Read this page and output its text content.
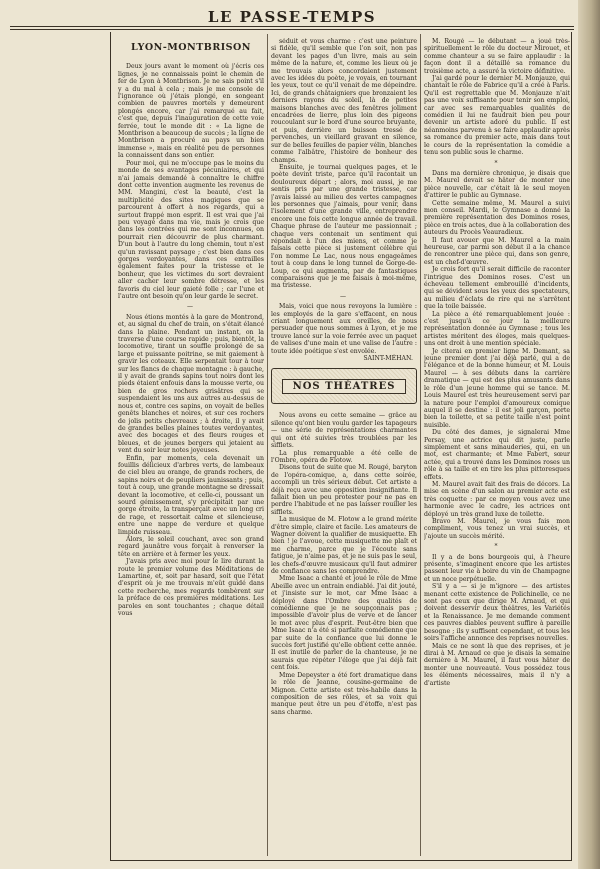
LE PASSE-TEMPS
LYON-MONTBRISON

Deux jours avant le moment où j'écris ces lignes, je ne connaissais point le chemin de fer de Lyon à Montbrison. Je ne sais point s'il y a du mal à cela ; mais je me console de l'ignorance où j'étais plongé, en songeant combien de pauvres mortels y demeurent plongés encore, car j'ai remarqué au fait, c'est que, depuis l'inauguration de cette voie ferrée, tout le monde dit : « La ligne de Montbrison a beaucoup de succès ; la ligne de Montbrison a procuré au pays un bien immense », mais en réalité peu de personnes la connaissent dans son entier.

Pour moi, qui ne m'occupe pas le moins du monde de ses avantages pécuniaires, et qui n'ai jamais demandé à connaître le chiffre dont cette invention augmente les revenus de MM. Mangini, c'est la beauté, c'est la multiplicité des sites magiques que se parcourent à offert à nos regards, qui a surtout frappé mon esprit. Il est vrai que j'ai peu voyagé dans ma vie, mais je crois que dans les contrées qui me sont inconnues, on pourrait rien découvrir de plus charmant. D'un bout à l'autre du long chemin, tout n'est qu'un ravissant paysage ; c'est bien dans ces gorges verdoyantes, dans ces entrailles également faites pour la tristesse et le bonheur, que les victimes du sort devraient aller cacher leur sombre détresse, et les favoris du ciel leur gaieté folle ; car l'une et l'autre ont besoin qu'on leur garde le secret.

—

Nous étions montés à la gare de Montrond, et, au signal du chef de train, on s'était élancé dans la plaine. Pendant un instant, on la traverse d'une course rapide ; puis, bientôt, la locomotive, tirant un souffle prolongé de sa large et puissante poitrine, se mit gaiement à gravir les coteaux. Elle serpentait tour à tour sur les flancs de chaque montagne : à gauche, il y avait de grands sapins tout noirs dont les pieds étaient enfouis dans la mousse verte, ou bien de gros rochers grisâtres qui se suspendaient les uns aux autres au-dessus de nous et, contre ces sapins, on voyait de belles genêts blanches et noires, et sur ces rochers de jolis petits chevreaux ; à droite, il y avait de grandes belles plaines toutes verdoyantes, avec des bocages et des fleurs rouges et bleues, et de jeunes bergers qui jetaient au vent du soir leur notes joyeuses.

Enfin, par moments, cela devenait un fouillis délicieux d'arbres verts, de lambeaux de ciel bleu au orange, de grands rochers, de sapins noirs et de peupliers jaunissants ; puis, tout à coup, une grande montagne se dressait devant la locomotive, et celle-ci, poussant un sourd gémissement, s'y précipitait par une gorge étroite, la transperçait avec un long cri de rage, et ressortait calme et silencieuse, entre une nappe de verdure et quelque limpide ruisseau.

Alors, le soleil couchant, avec son grand regard jaunâtre vous forçait à renverser la tête en arrière et à fermer les yeux.

J'avais pris avec moi pour le lire durant la route le premier volume des Méditations de Lamartine, et, soit par hasard, soit que l'état d'esprit où je me trouvais m'eût guidé dans cette recherche, mes regards tombèrent sur la préface de ces premières méditations. Les paroles en sont touchantes ; chaque détail vous

séduit et vous charme : c'est une peinture si fidèle, qu'il semble que l'on soit, non pas devant les pages d'un livre, mais au sein même de la nature, et, comme les lieux où je me trouvais alors concordaient justement avec les idées du poète, je voyais, en tournant les yeux, tout ce qu'il venait de me dépeindre. Ici, de grands châtaigniers que bronzaient les derniers rayons du soleil, là de petites maisons blanches avec des fenêtres joliment encadrées de lierre, plus loin des pigeons roucoulant sur le bord d'une source bruyante, et puis, derrière un buisson tressé de pervenches, un vieillard gravant en silence, sur de belles feuilles de papier vélin, blanches comme l'albâtre, l'histoire de bonheur des champs.

Ensuite, je tournai quelques pages, et le poète devint triste, parce qu'il racontait un douloureux départ ; alors, moi aussi, je me sentis pris par une grande tristesse, car j'avais laissé au milieu des vertes campagnes les personnes que j'aimais, pour venir, dans l'isolement d'une grande ville, entreprendre encore une fois cette longue année de travail. Chaque phrase de l'auteur me passionnait ; chaque vers contenait un sentiment qui répondait à l'un des miens, et comme je faisais cette pièce si justement célèbre qui l'on nomme Le Lac, nous nous engageâmes tout à coup dans le long tunnel de Gorge-de-Loup, ce qui augmenta, par de fantastiques comparaisons que je me faisais à moi-même, ma tristesse.

—

Mais, voici que nous revoyons la lumière : les employés de la gare s'effacent, en nous criant longuement aux oreilles, de nous persuader que nous sommes à Lyon, et je me trouve lancé sur la voie ferrée avec un paquet de valises d'une main et une valise de l'autre : toute idée poétique s'est envolée.

SAINT-MÉHAN.
NOS THÉATRES

Nous avons eu cette semaine — grâce au silence qu'ont bien voulu garder les tapageurs — une série de représentations charmantes qui ont été suivies très troublées par les sifflets.

La plus remarquable a été celle de l'Ombre, opéra de Flotow.

Disons tout de suite que M. Rougé, baryton de l'opéra-comique, a, dans cette soirée, accompli un très sérieux début. Cet artiste a déjà reçu avec une opposition insignifiante. Il fallait bien un peu protester pour ne pas en perdre l'habitude et ne pas laisser rouiller les sifflets.

La musique de M. Flotow a le grand mérite d'être simple, claire et facile. Les amateurs de Wagner doivent la qualifier de musiquette. Eh bien ! je l'avoue, cette musiquette me plaît et me charme, parce que je l'écoute sans fatigue, je n'aime pas, et je ne suis pas le seul, les chefs-d'œuvre musicaux qu'il faut admirer de confiance sans les comprendre.

Mme Isaac a chanté et joué le rôle de Mme Abeille avec un entrain endiablé. J'ai dit jouté, et j'insiste sur le mot, car Mme Isaac a déployé dans l'Ombre des qualités de comédienne que je ne soupçonnais pas ; impossible d'avoir plus de verve et de lancer le mot avec plus d'esprit. Peut-être bien que Mme Isaac n'a été si parfaite comédienne que par suite de la confiance que lui donne le succès fort justifié qu'elle obtient cette année. Il est inutile de parler de la chanteuse, je ne saurais que répéter l'éloge que j'ai déjà fait cent fois.

Mme Depeyster a été fort dramatique dans le rôle de Jeanne, cousine-germaine de Mignon. Cette artiste est très-habile dans la composition de ses rôles, et sa voix qui manque peut être un peu d'étoffe, n'est pas sans charme.

M. Rougé — le débutant — a joué très-spirituellement le rôle du docteur Mirouet, et comme chanteur a su se faire applaudir : la façon dont il a détaillé sa romance du troisième acte, a assuré la victoire définitive.

J'ai gardé pour le dernier M. Monjauze, qui chantait le rôle de Fabrice qu'il a créé à Paris. Qu'il est regrettable que M. Monjauze n'ait pas une voix suffisante pour tenir son emploi, car avec ses remarquables qualités de comédien il lui ne faudrait bien peu pour devenir un artiste adoré du public. Il est néanmoins parvenu à se faire applaudir après sa romance du premier acte, mais dans tout le cours de la représentation la comédie a tenu son public sous le charme.

*

Dans ma dernière chronique, je disais que M. Maurel devait se hâter de monter une pièce nouvelle, car c'était là le seul moyen d'attirer le public au Gymnase.

Cette semaine même, M. Maurel a suivi mon conseil. Mardi, le Gymnase a donné la première représentation des Dominos roses, pièce en trois actes, due à la collaboration des auteurs du Procès Veauradieux.

Il faut avouer que M. Maurel a la main heureuse, car parmi son début il a la chance de rencontrer une pièce qui, dans son genre, est un chef-d'œuvre.

Je crois fort qu'il serait difficile de raconter l'intrigue des Dominos roses. C'est un écheveau tellement embrouillé d'incidents, qui se dévident sous les yeux des spectateurs, au milieu d'éclats de rire qui ne s'arrêtent que la toile baissée.

La pièce a été remarquablement jouée : c'est jusqu'à ce jour la meilleure représentation donnée au Gymnase ; tous les artistes méritent des éloges, mais quelques-uns ont droit à une mention spéciale.

Je citerai en premier ligne M. Demant, sa jeune premier dont j'ai déjà parlé, qui a de l'élégance et de la bonne humeur, et M. Louis Maurel — à ses débuts dans la carrière dramatique — qui est des plus amusants dans le rôle d'un jeune homme qui se tance. M. Louis Maurel est très heureusement servi par la nature pour l'emploi d'amoureux comique auquel il se destine : il est joli garçon, porte bien la toilette, et sa petite taille n'est point nuisible.

Du côté des dames, je signalerai Mme Persay, une actrice qui dit juste, parle simplement et sans minauderies, qui, en un mot, est charmante; et Mme Fabert, sœur actée, qui a trouvé dans les Dominos roses un rôle à sa taille et en tire les plus pittoresques effets.

M. Maurel avait fait des frais de décors. La mise en scène d'un salon au premier acte est très coquette : par ce moyen vous avez une harmonie avec le cadre, les actrices ont déployé un très grand luxe de toilette.

Bravo M. Maurel, je vous fais mon compliment, vous tenez un vrai succès, et j'ajoute un succès mérité.

*

Il y a de bons bourgeois qui, à l'heure présente, s'imaginent encore que les artistes passent leur vie à boire du vin de Champagne et un noce perpétuelle.

S'il y a — si je m'ignore — des artistes menant cette existence de Polichinelle, ce ne sont pas ceux que dirige M. Arnaud, et qui doivent desservir deux théâtres, les Variétés et la Renaissance. Je me demande comment ces pauvres diables peuvent suffire à pareille besogne ; ils y suffisent cependant, et tous les soirs l'affiche annonce des reprises nouvelles.

Mais ce ne sont là que des reprises, et je dirai à M. Arnaud ce que je disais la semaine dernière à M. Maurel, il faut vous hâter de monter une nouveauté. Vous possédez tous les éléments nécessaires, mais il n'y a d'artiste
